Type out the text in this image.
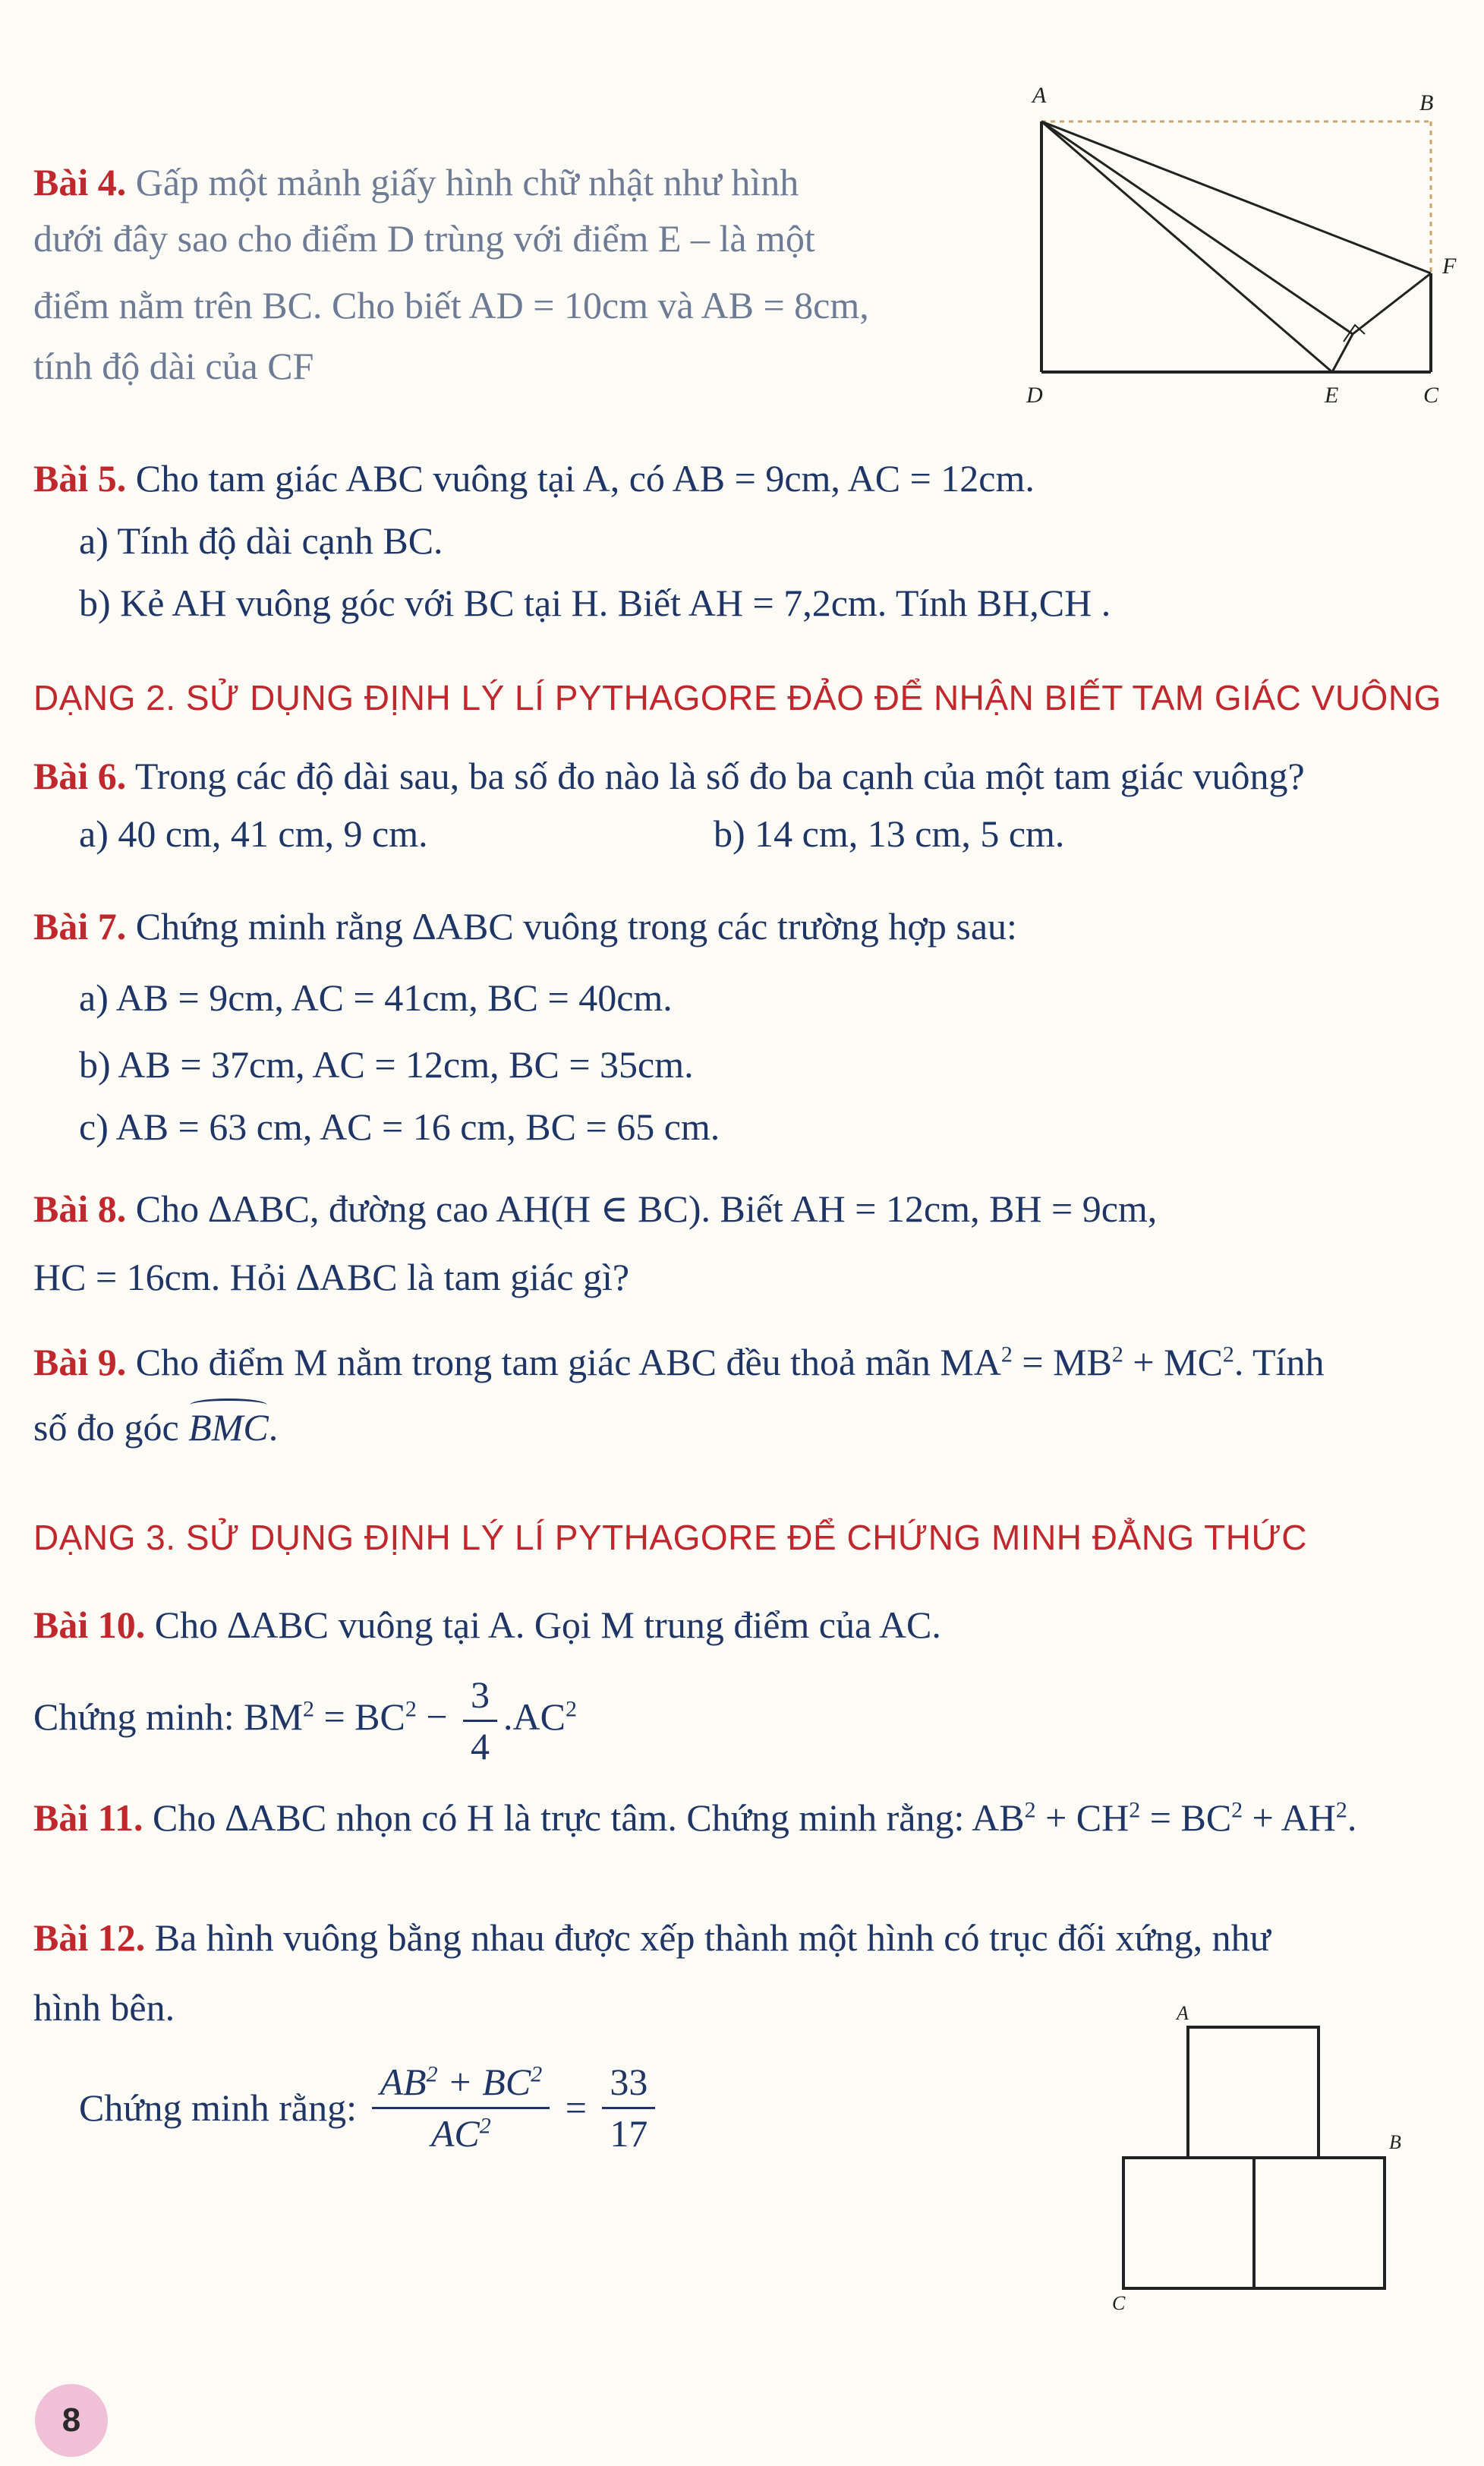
Bài 4. Gấp một mảnh giấy hình chữ nhật như hình
dưới đây sao cho điểm D trùng với điểm E – là một
điểm nằm trên BC. Cho biết AD = 10cm và AB = 8cm,
tính độ dài của CF
A	B
F
D	E	C
Bài 5. Cho tam giác ABC vuông tại A, có AB = 9cm, AC = 12cm.
a) Tính độ dài cạnh BC.
b) Kẻ AH vuông góc với BC tại H. Biết AH = 7,2cm. Tính BH,CH .
DẠNG 2. SỬ DỤNG ĐỊNH LÝ LÍ PYTHAGORE ĐẢO ĐỂ NHẬN BIẾT TAM GIÁC VUÔNG
Bài 6. Trong các độ dài sau, ba số đo nào là số đo ba cạnh của một tam giác vuông?
a) 40 cm, 41 cm, 9 cm.	b) 14 cm, 13 cm, 5 cm.
Bài 7. Chứng minh rằng ∆ABC vuông trong các trường hợp sau:
a) AB = 9cm, AC = 41cm, BC = 40cm.
b) AB = 37cm, AC = 12cm, BC = 35cm.
c) AB = 63 cm, AC = 16 cm, BC = 65 cm.
Bài 8. Cho ∆ABC, đường cao AH(H ∈ BC). Biết AH = 12cm, BH = 9cm,
HC = 16cm. Hỏi ∆ABC là tam giác gì?
Bài 9. Cho điểm M nằm trong tam giác ABC đều thoả mãn $MA^2 = MB^2 + MC^2$. Tính
số đo góc BMC.
DẠNG 3. SỬ DỤNG ĐỊNH LÝ LÍ PYTHAGORE ĐỂ CHỨNG MINH ĐẲNG THỨC
Bài 10. Cho ∆ABC vuông tại A. Gọi M trung điểm của AC.
Chứng minh: $BM^2 = BC^2 - \frac{3}{4} .AC^2$
Bài 11. Cho ∆ABC nhọn có H là trực tâm. Chứng minh rằng: $AB^2 + CH^2 = BC^2 + AH^2$.
Bài 12. Ba hình vuông bằng nhau được xếp thành một hình có trục đối xứng, như
hình bên.
Chứng minh rằng: $\frac{AB^2 + BC^2}{AC^2} = \frac{33}{17}$
A
B
C
8
